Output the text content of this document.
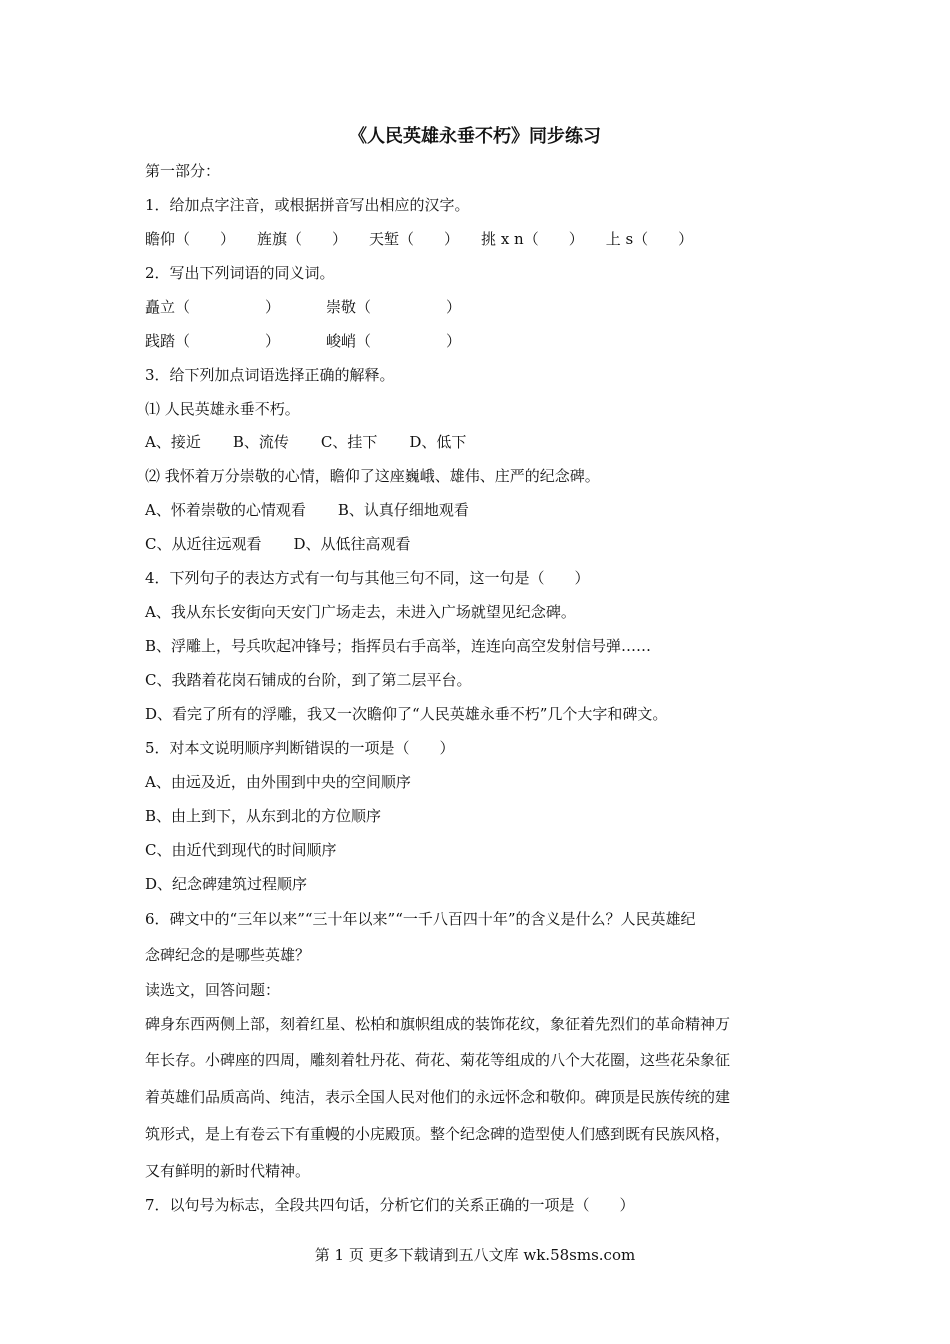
《人民英雄永垂不朽》同步练习
第一部分：
1．给加点字注音，或根据拼音写出相应的汉字。
瞻仰（　　） 旌旗（　　） 天堑（　　） 挑 x n（　　） 上 s（　　）
2．写出下列词语的同义词。
矗立（　　　　　）	崇敬（　　　　　）
践踏（　　　　　）	峻峭（　　　　　）
3．给下列加点词语选择正确的解释。
⑴ 人民英雄永垂不朽。
A、接近 B、流传 C、挂下 D、低下
⑵ 我怀着万分崇敬的心情，瞻仰了这座巍峨、雄伟、庄严的纪念碑。
A、怀着崇敬的心情观看 B、认真仔细地观看
C、从近往远观看 D、从低往高观看
4．下列句子的表达方式有一句与其他三句不同，这一句是（　　）
A、我从东长安街向天安门广场走去，未进入广场就望见纪念碑。
B、浮雕上，号兵吹起冲锋号；指挥员右手高举，连连向高空发射信号弹……
C、我踏着花岗石铺成的台阶，到了第二层平台。
D、看完了所有的浮雕，我又一次瞻仰了“人民英雄永垂不朽”几个大字和碑文。
5．对本文说明顺序判断错误的一项是（　　）
A、由远及近，由外围到中央的空间顺序
B、由上到下，从东到北的方位顺序
C、由近代到现代的时间顺序
D、纪念碑建筑过程顺序
6．碑文中的“三年以来”“三十年以来”“一千八百四十年”的含义是什么？人民英雄纪
念碑纪念的是哪些英雄？
读选文，回答问题：
碑身东西两侧上部，刻着红星、松柏和旗帜组成的装饰花纹，象征着先烈们的革命精神万
年长存。小碑座的四周，雕刻着牡丹花、荷花、菊花等组成的八个大花圈，这些花朵象征
着英雄们品质高尚、纯洁，表示全国人民对他们的永远怀念和敬仰。碑顶是民族传统的建
筑形式，是上有卷云下有重幔的小庑殿顶。整个纪念碑的造型使人们感到既有民族风格，
又有鲜明的新时代精神。
7．以句号为标志，全段共四句话，分析它们的关系正确的一项是（　　）
第 1 页 更多下载请到五八文库 wk.58sms.com
